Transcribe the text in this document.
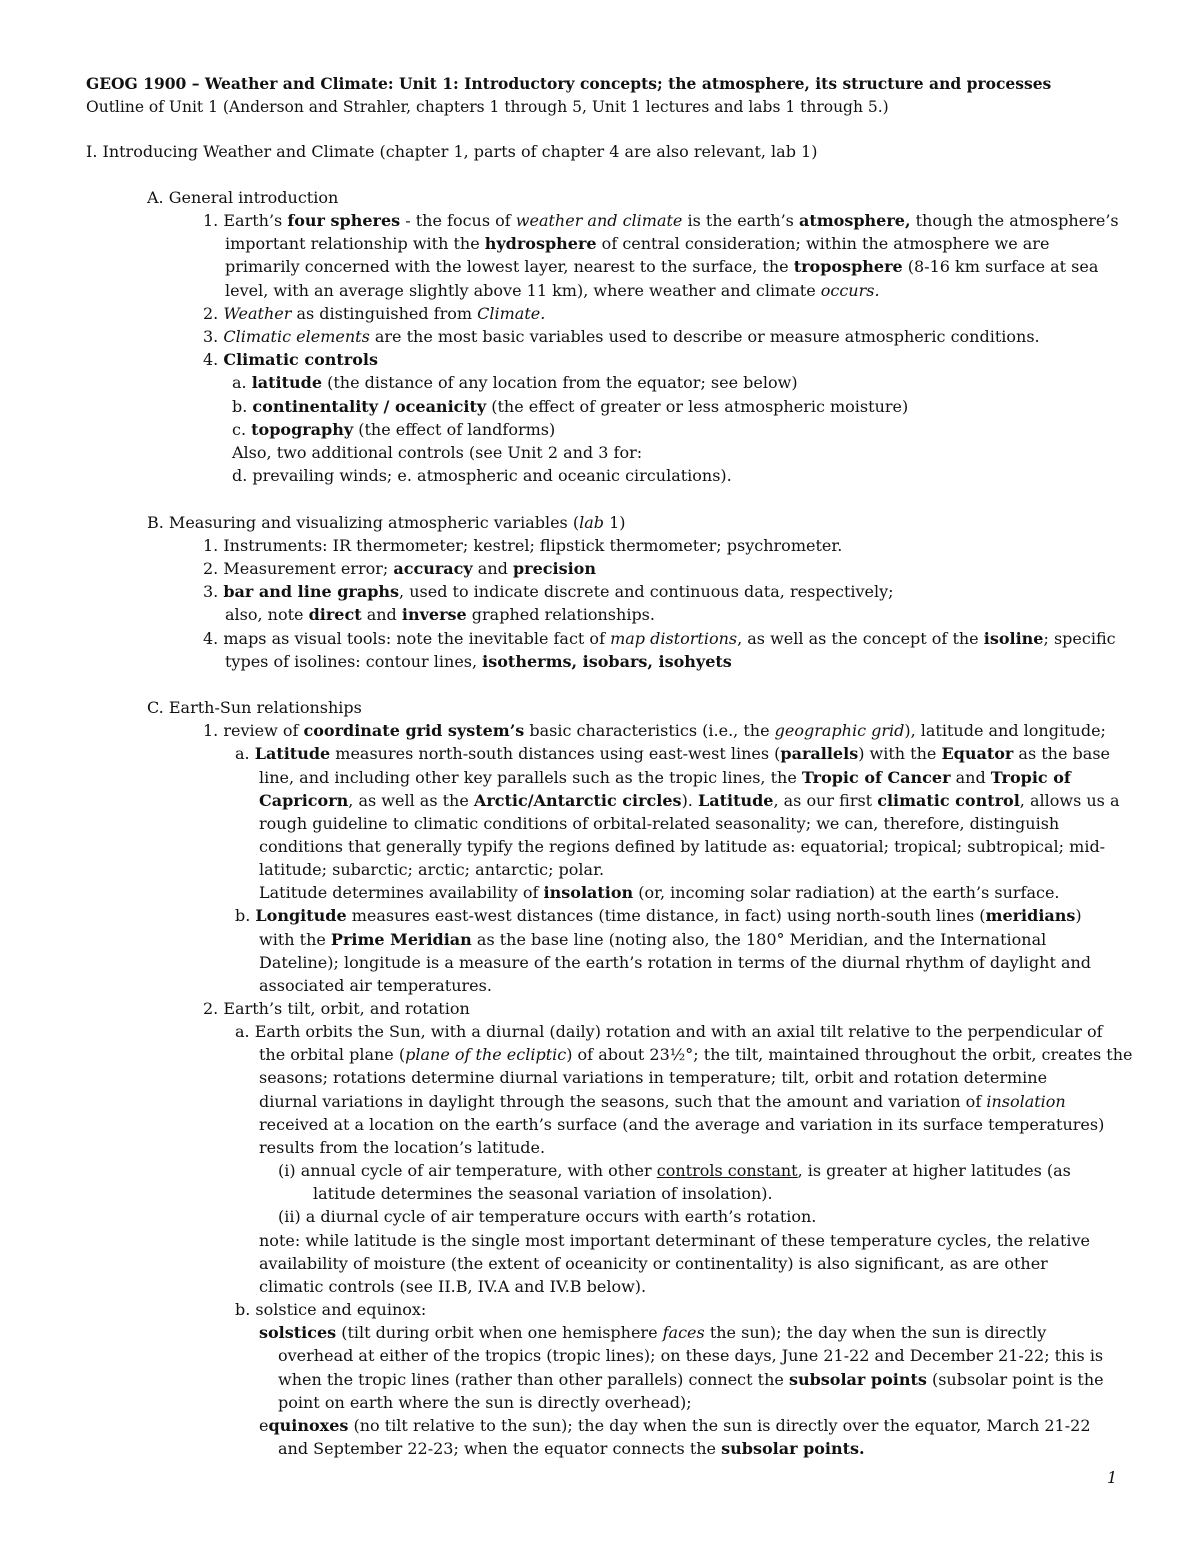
GEOG 1900 – Weather and Climate: Unit 1: Introductory concepts; the atmosphere, its structure and processes
Outline of Unit 1 (Anderson and Strahler, chapters 1 through 5, Unit 1 lectures and labs 1 through 5.)
I. Introducing Weather and Climate (chapter 1, parts of chapter 4 are also relevant, lab 1)
A. General introduction
1. Earth’s four spheres - the focus of weather and climate is the earth’s atmosphere, though the atmosphere’s
important relationship with the hydrosphere of central consideration; within the atmosphere we are
primarily concerned with the lowest layer, nearest to the surface, the troposphere (8-16 km surface at sea
level, with an average slightly above 11 km), where weather and climate occurs.
2. Weather as distinguished from Climate.
3. Climatic elements are the most basic variables used to describe or measure atmospheric conditions.
4. Climatic controls
a. latitude (the distance of any location from the equator; see below)
b. continentality / oceanicity (the effect of greater or less atmospheric moisture)
c. topography (the effect of landforms)
Also, two additional controls (see Unit 2 and 3 for:
d. prevailing winds; e. atmospheric and oceanic circulations).
B. Measuring and visualizing atmospheric variables (lab 1)
1. Instruments: IR thermometer; kestrel; flipstick thermometer; psychrometer.
2. Measurement error; accuracy and precision
3. bar and line graphs, used to indicate discrete and continuous data, respectively;
also, note direct and inverse graphed relationships.
4. maps as visual tools: note the inevitable fact of map distortions, as well as the concept of the isoline; specific
types of isolines: contour lines, isotherms, isobars, isohyets
C. Earth-Sun relationships
1. review of coordinate grid system’s basic characteristics (i.e., the geographic grid), latitude and longitude;
a. Latitude measures north-south distances using east-west lines (parallels) with the Equator as the base
line, and including other key parallels such as the tropic lines, the Tropic of Cancer and Tropic of
Capricorn, as well as the Arctic/Antarctic circles). Latitude, as our first climatic control, allows us a
rough guideline to climatic conditions of orbital-related seasonality; we can, therefore, distinguish
conditions that generally typify the regions defined by latitude as: equatorial; tropical; subtropical; mid-
latitude; subarctic; arctic; antarctic; polar.
Latitude determines availability of insolation (or, incoming solar radiation) at the earth’s surface.
b. Longitude measures east-west distances (time distance, in fact) using north-south lines (meridians)
with the Prime Meridian as the base line (noting also, the 180° Meridian, and the International
Dateline); longitude is a measure of the earth’s rotation in terms of the diurnal rhythm of daylight and
associated air temperatures.
2. Earth’s tilt, orbit, and rotation
a. Earth orbits the Sun, with a diurnal (daily) rotation and with an axial tilt relative to the perpendicular of
the orbital plane (plane of the ecliptic) of about 23½°; the tilt, maintained throughout the orbit, creates the
seasons; rotations determine diurnal variations in temperature; tilt, orbit and rotation determine
diurnal variations in daylight through the seasons, such that the amount and variation of insolation
received at a location on the earth’s surface (and the average and variation in its surface temperatures)
results from the location’s latitude.
(i) annual cycle of air temperature, with other controls constant, is greater at higher latitudes (as
latitude determines the seasonal variation of insolation).
(ii) a diurnal cycle of air temperature occurs with earth’s rotation.
note: while latitude is the single most important determinant of these temperature cycles, the relative
availability of moisture (the extent of oceanicity or continentality) is also significant, as are other
climatic controls (see II.B, IV.A and IV.B below).
b. solstice and equinox:
solstices (tilt during orbit when one hemisphere faces the sun); the day when the sun is directly
overhead at either of the tropics (tropic lines); on these days, June 21-22 and December 21-22; this is
when the tropic lines (rather than other parallels) connect the subsolar points (subsolar point is the
point on earth where the sun is directly overhead);
equinoxes (no tilt relative to the sun); the day when the sun is directly over the equator, March 21-22
and September 22-23; when the equator connects the subsolar points.
1
